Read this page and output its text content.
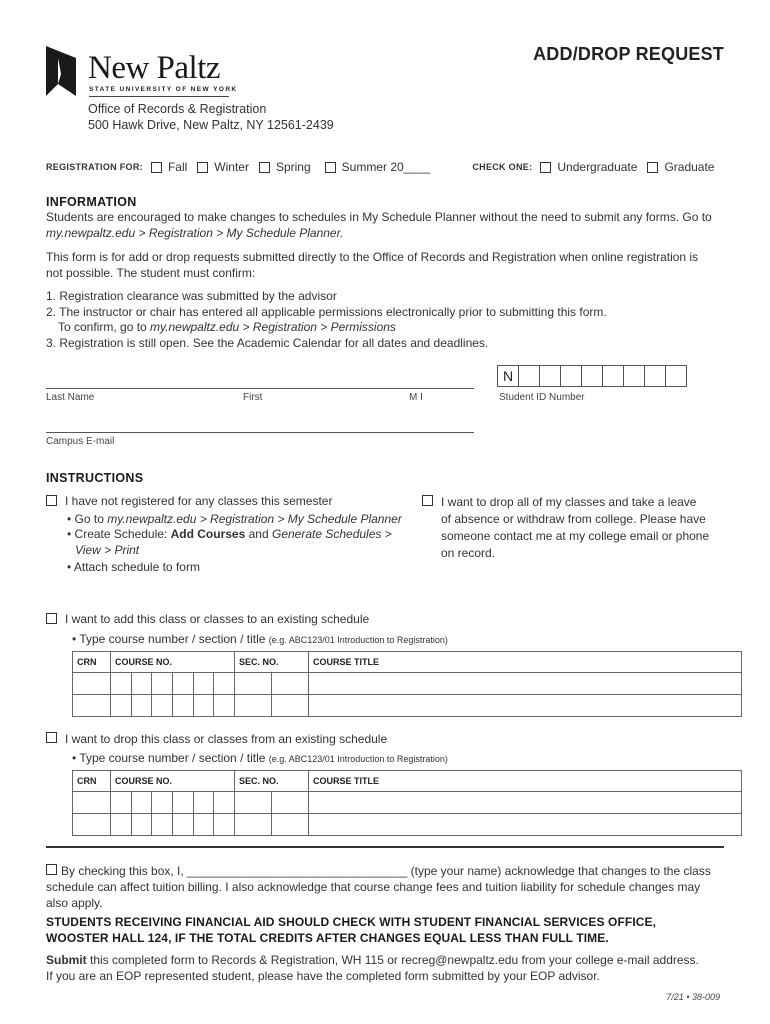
New Paltz
STATE UNIVERSITY OF NEW YORK
ADD/DROP REQUEST
Office of Records & Registration
500 Hawk Drive, New Paltz, NY 12561-2439
REGISTRATION FOR: Fall Winter Spring	Summer 20____	CHECK ONE: Undergraduate Graduate
INFORMATION
Students are encouraged to make changes to schedules in My Schedule Planner without the need to submit any forms. Go to
my.newpaltz.edu > Registration > My Schedule Planner.
This form is for add or drop requests submitted directly to the Office of Records and Registration when online registration is
not possible. The student must confirm:
1. Registration clearance was submitted by the advisor
2. The instructor or chair has entered all applicable permissions electronically prior to submitting this form.
To confirm, go to my.newpaltz.edu > Registration > Permissions
3. Registration is still open. See the Academic Calendar for all dates and deadlines.
Last Name	First	M I
N
Student ID Number
Campus E-mail
INSTRUCTIONS
I have not registered for any classes this semester
• Go to my.newpaltz.edu > Registration > My Schedule Planner
• Create Schedule: Add Courses and Generate Schedules >
View > Print
• Attach schedule to form
I want to drop all of my classes and take a leave
of absence or withdraw from college. Please have
someone contact me at my college email or phone
on record.
I want to add this class or classes to an existing schedule
• Type course number / section / title (e.g. ABC123/01 Introduction to Registration)
CRN	COURSE NO.	SEC. NO.	COURSE TITLE

I want to drop this class or classes from an existing schedule
• Type course number / section / title (e.g. ABC123/01 Introduction to Registration)
CRN	COURSE NO.	SEC. NO.	COURSE TITLE

By checking this box, I, _________________________________ (type your name) acknowledge that changes to the class
schedule can affect tuition billing. I also acknowledge that course change fees and tuition liability for schedule changes may
also apply.
STUDENTS RECEIVING FINANCIAL AID SHOULD CHECK WITH STUDENT FINANCIAL SERVICES OFFICE,
WOOSTER HALL 124, IF THE TOTAL CREDITS AFTER CHANGES EQUAL LESS THAN FULL TIME.
Submit this completed form to Records & Registration, WH 115 or recreg@newpaltz.edu from your college e-mail address.
If you are an EOP represented student, please have the completed form submitted by your EOP advisor.
7/21 • 38-009
